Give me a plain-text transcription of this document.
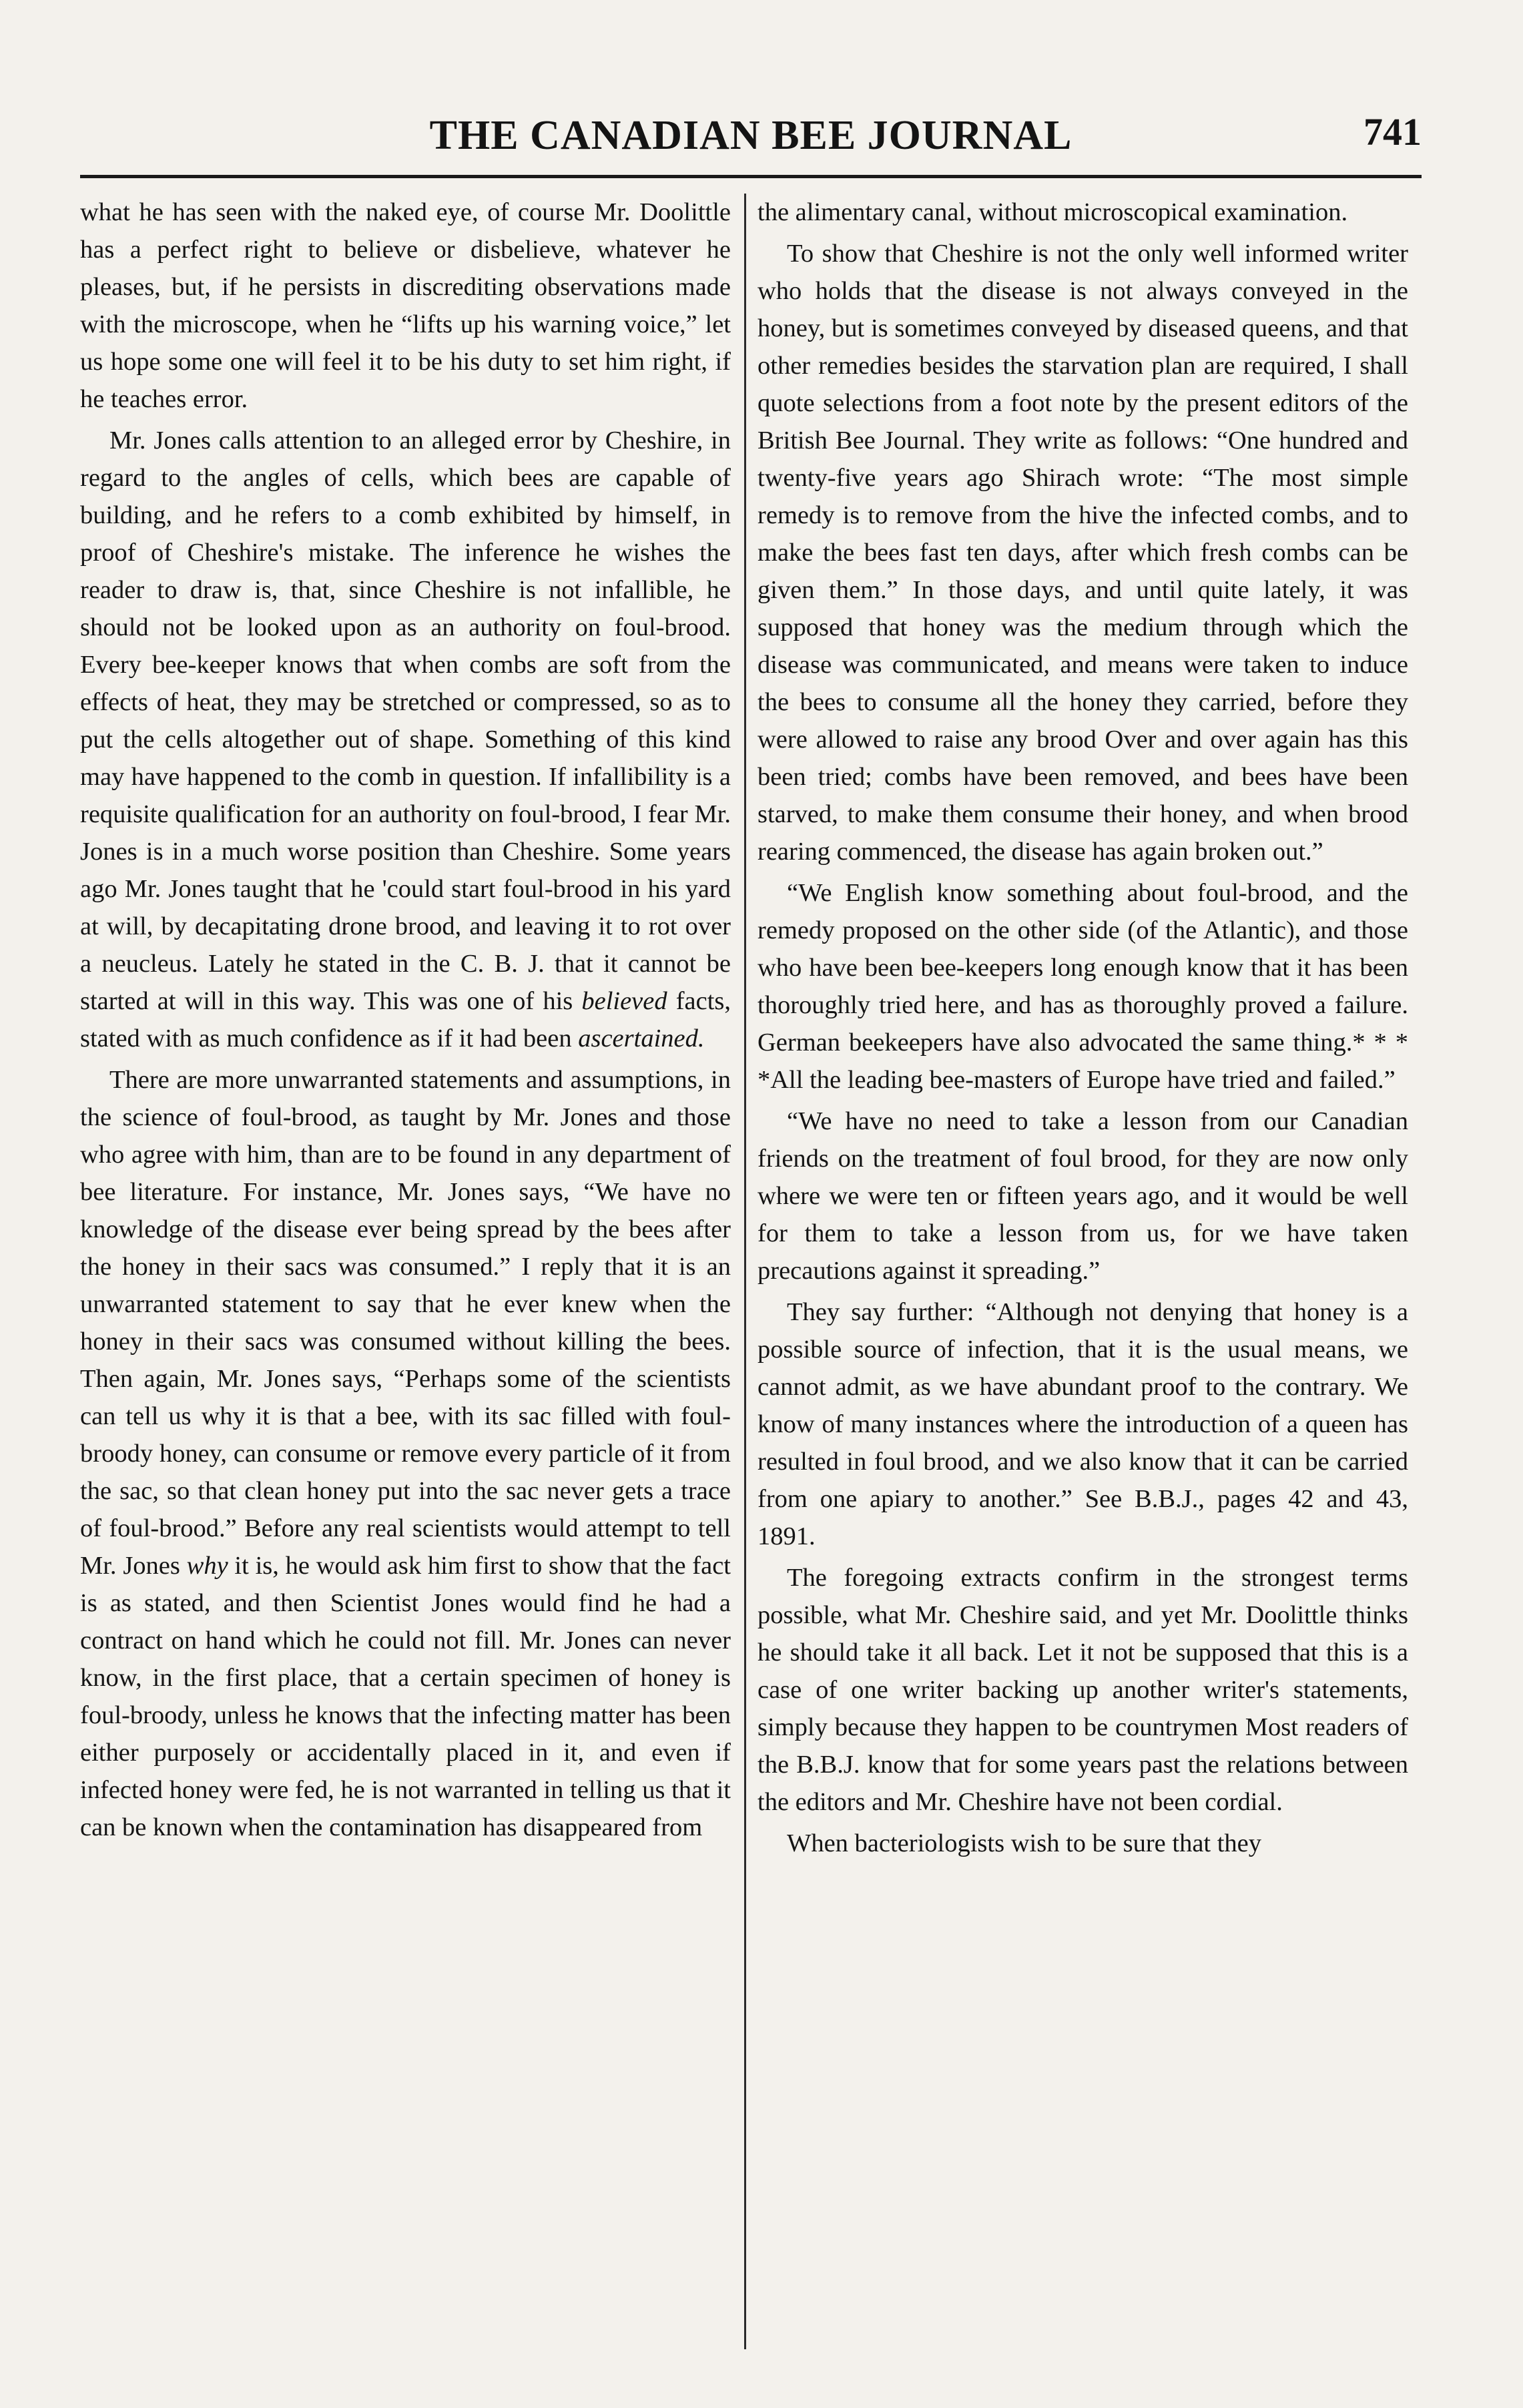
THE CANADIAN BEE JOURNAL	741

what he has seen with the naked eye, of course Mr. Doolittle has a perfect right to believe or disbelieve, whatever he pleases, but, if he persists in discrediting observations made with the microscope, when he “lifts up his warning voice,” let us hope some one will feel it to be his duty to set him right, if he teaches error.

Mr. Jones calls attention to an alleged error by Cheshire, in regard to the angles of cells, which bees are capable of building, and he refers to a comb exhibited by himself, in proof of Cheshire's mistake. The inference he wishes the reader to draw is, that, since Cheshire is not infallible, he should not be looked upon as an authority on foul-brood. Every bee-keeper knows that when combs are soft from the effects of heat, they may be stretched or compressed, so as to put the cells altogether out of shape. Something of this kind may have happened to the comb in question. If infallibility is a requisite qualification for an authority on foul-brood, I fear Mr. Jones is in a much worse position than Cheshire. Some years ago Mr. Jones taught that he 'could start foul-brood in his yard at will, by decapitating drone brood, and leaving it to rot over a neucleus. Lately he stated in the C. B. J. that it cannot be started at will in this way. This was one of his believed facts, stated with as much confidence as if it had been ascertained.

There are more unwarranted statements and assumptions, in the science of foul-brood, as taught by Mr. Jones and those who agree with him, than are to be found in any department of bee literature. For instance, Mr. Jones says, “We have no knowledge of the disease ever being spread by the bees after the honey in their sacs was consumed.” I reply that it is an unwarranted statement to say that he ever knew when the honey in their sacs was consumed without killing the bees. Then again, Mr. Jones says, “Perhaps some of the scientists can tell us why it is that a bee, with its sac filled with foul-broody honey, can consume or remove every particle of it from the sac, so that clean honey put into the sac never gets a trace of foul-brood.” Before any real scientists would attempt to tell Mr. Jones why it is, he would ask him first to show that the fact is as stated, and then Scientist Jones would find he had a contract on hand which he could not fill. Mr. Jones can never know, in the first place, that a certain specimen of honey is foul-broody, unless he knows that the infecting matter has been either purposely or accidentally placed in it, and even if infected honey were fed, he is not warranted in telling us that it can be known when the contamination has disappeared from

the alimentary canal, without microscopical examination.

To show that Cheshire is not the only well informed writer who holds that the disease is not always conveyed in the honey, but is sometimes conveyed by diseased queens, and that other remedies besides the starvation plan are required, I shall quote selections from a foot note by the present editors of the British Bee Journal. They write as follows: “One hundred and twenty-five years ago Shirach wrote: “The most simple remedy is to remove from the hive the infected combs, and to make the bees fast ten days, after which fresh combs can be given them.” In those days, and until quite lately, it was supposed that honey was the medium through which the disease was communicated, and means were taken to induce the bees to consume all the honey they carried, before they were allowed to raise any brood Over and over again has this been tried; combs have been removed, and bees have been starved, to make them consume their honey, and when brood rearing commenced, the disease has again broken out.”

“We English know something about foul-brood, and the remedy proposed on the other side (of the Atlantic), and those who have been bee-keepers long enough know that it has been thoroughly tried here, and has as thoroughly proved a failure. German beekeepers have also advocated the same thing.* * * *All the leading bee-masters of Europe have tried and failed.”

“We have no need to take a lesson from our Canadian friends on the treatment of foul brood, for they are now only where we were ten or fifteen years ago, and it would be well for them to take a lesson from us, for we have taken precautions against it spreading.”

They say further: “Although not denying that honey is a possible source of infection, that it is the usual means, we cannot admit, as we have abundant proof to the contrary. We know of many instances where the introduction of a queen has resulted in foul brood, and we also know that it can be carried from one apiary to another.” See B.B.J., pages 42 and 43, 1891.

The foregoing extracts confirm in the strongest terms possible, what Mr. Cheshire said, and yet Mr. Doolittle thinks he should take it all back. Let it not be supposed that this is a case of one writer backing up another writer's statements, simply because they happen to be countrymen Most readers of the B.B.J. know that for some years past the relations between the editors and Mr. Cheshire have not been cordial.

When bacteriologists wish to be sure that they
